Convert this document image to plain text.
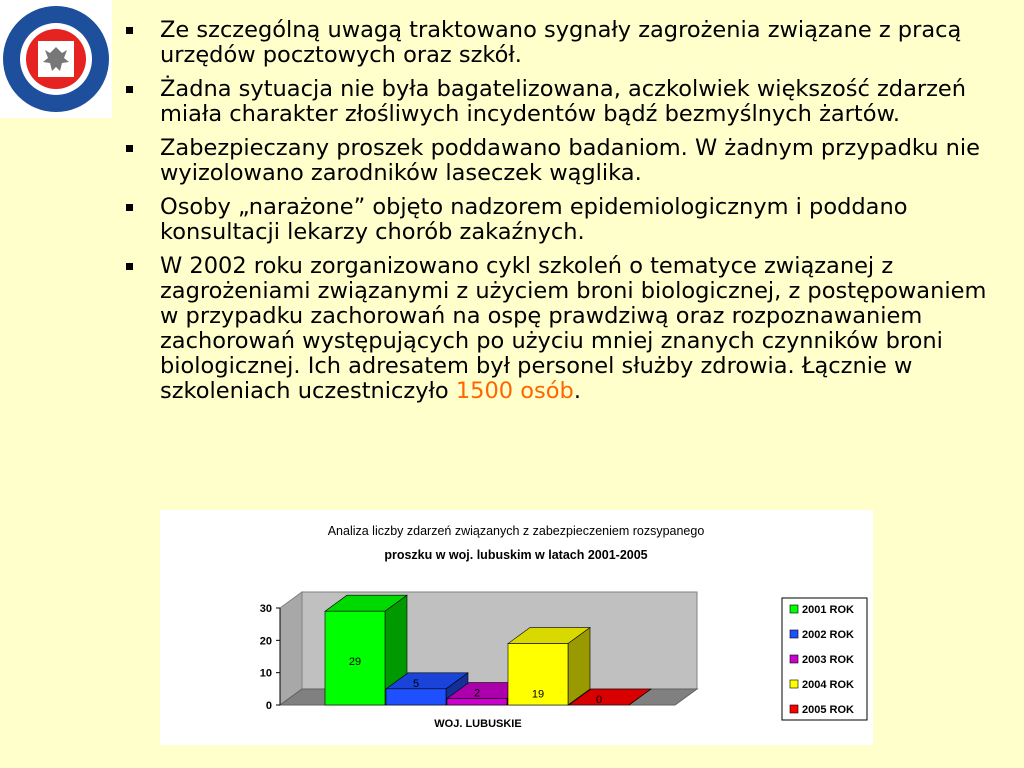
Ze szczególną uwagą traktowano sygnały zagrożenia związane z pracą urzędów pocztowych oraz szkół.
Żadna sytuacja nie była bagatelizowana, aczkolwiek większość zdarzeń miała charakter złośliwych incydentów bądź bezmyślnych żartów.
Zabezpieczany proszek poddawano badaniom. W żadnym przypadku nie wyizolowano zarodników laseczek wąglika.
Osoby „narażone” objęto nadzorem epidemiologicznym i poddano konsultacji lekarzy chorób zakaźnych.
W 2002 roku zorganizowano cykl szkoleń o tematyce związanej z zagrożeniami związanymi z użyciem broni biologicznej, z postępowaniem w przypadku zachorowań na ospę prawdziwą oraz rozpoznawaniem zachorowań występujących po użyciu mniej znanych czynników broni biologicznej. Ich adresatem był personel służby zdrowia. Łącznie w szkoleniach uczestniczyło 1500 osób.
Analiza liczby zdarzeń związanych z zabezpieczeniem rozsypanego
proszku w woj. lubuskim w latach 2001-2005
0
10
20
30
WOJ. LUBUSKIE
29
5
2	19	0
2001 ROK
2002 ROK
2003 ROK
2004 ROK
2005 ROK
